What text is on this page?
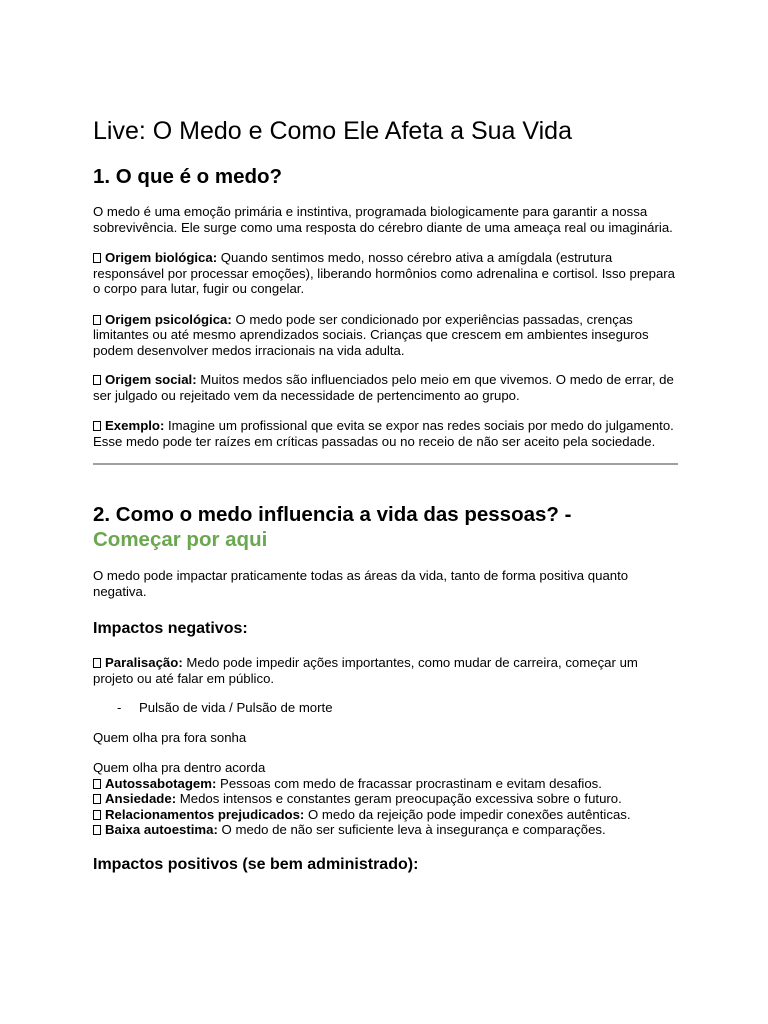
Live: O Medo e Como Ele Afeta a Sua Vida
1. O que é o medo?

O medo é uma emoção primária e instintiva, programada biologicamente para garantir a nossa sobrevivência. Ele surge como uma resposta do cérebro diante de uma ameaça real ou imaginária.

Origem biológica: Quando sentimos medo, nosso cérebro ativa a amígdala (estrutura responsável por processar emoções), liberando hormônios como adrenalina e cortisol. Isso prepara o corpo para lutar, fugir ou congelar.

Origem psicológica: O medo pode ser condicionado por experiências passadas, crenças limitantes ou até mesmo aprendizados sociais. Crianças que crescem em ambientes inseguros podem desenvolver medos irracionais na vida adulta.

Origem social: Muitos medos são influenciados pelo meio em que vivemos. O medo de errar, de ser julgado ou rejeitado vem da necessidade de pertencimento ao grupo.

Exemplo: Imagine um profissional que evita se expor nas redes sociais por medo do julgamento. Esse medo pode ter raízes em críticas passadas ou no receio de não ser aceito pela sociedade.

2. Como o medo influencia a vida das pessoas? -
Começar por aqui

O medo pode impactar praticamente todas as áreas da vida, tanto de forma positiva quanto negativa.

Impactos negativos:

Paralisação: Medo pode impedir ações importantes, como mudar de carreira, começar um projeto ou até falar em público.

- Pulsão de vida / Pulsão de morte

Quem olha pra fora sonha

Quem olha pra dentro acorda

Autossabotagem: Pessoas com medo de fracassar procrastinam e evitam desafios.

Ansiedade: Medos intensos e constantes geram preocupação excessiva sobre o futuro.

Relacionamentos prejudicados: O medo da rejeição pode impedir conexões autênticas.

Baixa autoestima: O medo de não ser suficiente leva à insegurança e comparações.

Impactos positivos (se bem administrado):
